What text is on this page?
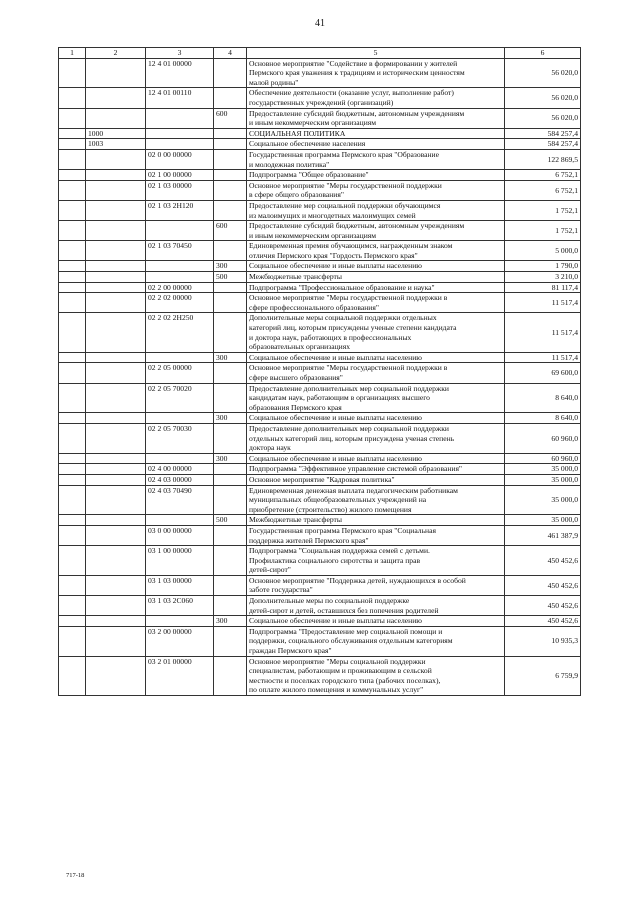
41
1	2	3	4	5	6
		12 4 01 00000		Основное мероприятие "Содействие в формировании у жителей
Пермского края уважения к традициям и историческим ценностям
малой родины"	56 020,0
		12 4 01 00110		Обеспечение деятельности (оказание услуг, выполнение работ)
государственных учреждений (организаций)	56 020,0
			600	Предоставление субсидий бюджетным, автономным учреждениям
и иным некоммерческим организациям	56 020,0
	1000			СОЦИАЛЬНАЯ ПОЛИТИКА	584 257,4
	1003			Социальное обеспечение населения	584 257,4
		02 0 00 00000		Государственная программа Пермского края "Образование
и молодежная политика"	122 869,5
		02 1 00 00000		Подпрограмма "Общее образование"	6 752,1
		02 1 03 00000		Основное мероприятие "Меры государственной поддержки
в сфере общего образования"	6 752,1
		02 1 03 2Н120		Предоставление мер социальной поддержки обучающимся
из малоимущих и многодетных малоимущих семей	1 752,1
			600	Предоставление субсидий бюджетным, автономным учреждениям
и иным некоммерческим организациям	1 752,1
		02 1 03 70450		Единовременная премия обучающимся, награжденным знаком
отличия Пермского края "Гордость Пермского края"	5 000,0
			300	Социальное обеспечение и иные выплаты населению	1 790,0
			500	Межбюджетные трансферты	3 210,0
		02 2 00 00000		Подпрограмма "Профессиональное образование и наука"	81 117,4
		02 2 02 00000		Основное мероприятие "Меры государственной поддержки в
сфере профессионального образования"	11 517,4
		02 2 02 2Н250		Дополнительные меры социальной поддержки отдельных
категорий лиц, которым присуждены ученые степени кандидата
и доктора наук, работающих в профессиональных
образовательных организациях	11 517,4
			300	Социальное обеспечение и иные выплаты населению	11 517,4
		02 2 05 00000		Основное мероприятие "Меры государственной поддержки в
сфере высшего образования"	69 600,0
		02 2 05 70020		Предоставление дополнительных мер социальной поддержки
кандидатам наук, работающим в организациях высшего
образования Пермского края	8 640,0
			300	Социальное обеспечение и иные выплаты населению	8 640,0
		02 2 05 70030		Предоставление дополнительных мер социальной поддержки
отдельных категорий лиц, которым присуждена ученая степень
доктора наук	60 960,0
			300	Социальное обеспечение и иные выплаты населению	60 960,0
		02 4 00 00000		Подпрограмма "Эффективное управление системой образования"	35 000,0
		02 4 03 00000		Основное мероприятие "Кадровая политика"	35 000,0
		02 4 03 70490		Единовременная денежная выплата педагогическим работникам
муниципальных общеобразовательных учреждений на
приобретение (строительство) жилого помещения	35 000,0
			500	Межбюджетные трансферты	35 000,0
		03 0 00 00000		Государственная программа Пермского края "Социальная
поддержка жителей Пермского края"	461 387,9
		03 1 00 00000		Подпрограмма "Социальная поддержка семей с детьми.
Профилактика социального сиротства и защита прав
детей-сирот"	450 452,6
		03 1 03 00000		Основное мероприятие "Поддержка детей, нуждающихся в особой
заботе государства"	450 452,6
		03 1 03 2С060		Дополнительные меры по социальной поддержке
детей-сирот и детей, оставшихся без попечения родителей	450 452,6
			300	Социальное обеспечение и иные выплаты населению	450 452,6
		03 2 00 00000		Подпрограмма "Предоставление мер социальной помощи и
поддержки, социального обслуживания отдельным категориям
граждан Пермского края"	10 935,3
		03 2 01 00000		Основное мероприятие "Меры социальной поддержки
специалистам, работающим и проживающим в сельской
местности и поселках городского типа (рабочих поселках),
по оплате жилого помещения и коммунальных услуг"	6 759,9
717-18
